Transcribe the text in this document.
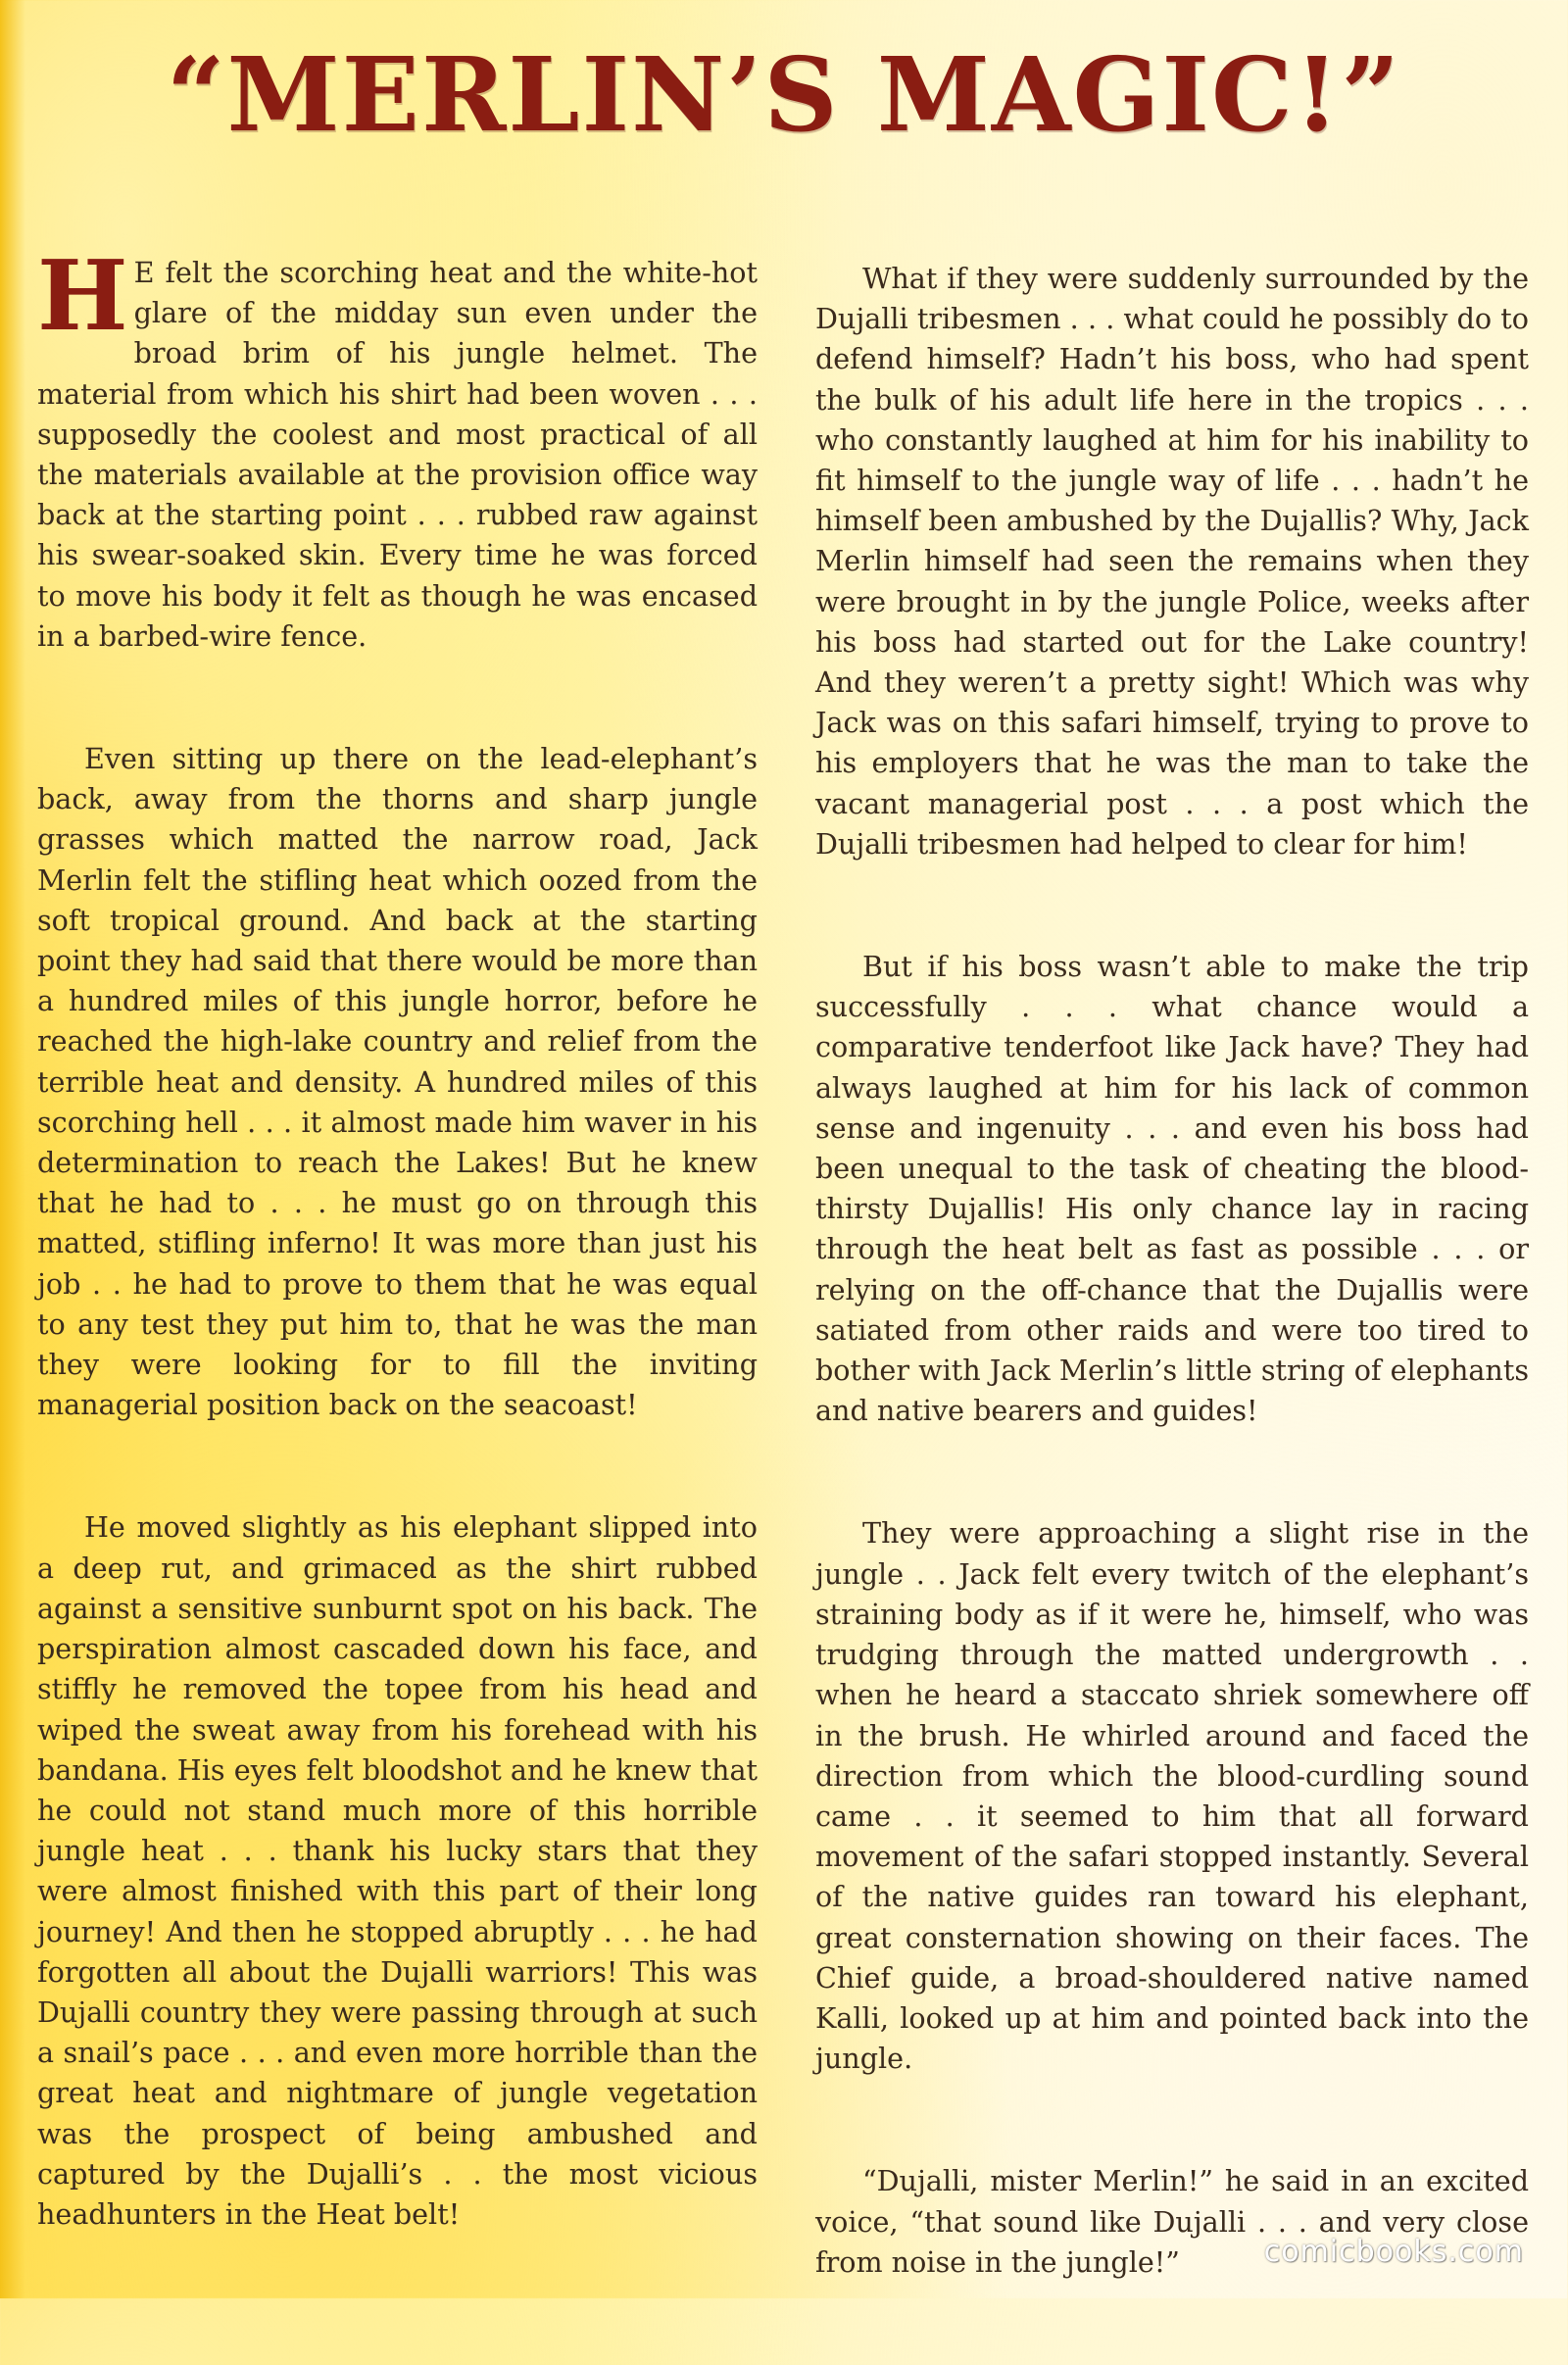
“MERLIN’S MAGIC!”

H E felt the scorching heat and the white-hot glare of the midday sun even under the broad brim of his jungle helmet. The material from which his shirt had been woven . . . supposedly the coolest and most practical of all the materials available at the provision office way back at the starting point . . . rubbed raw against his swear-soaked skin. Every time he was forced to move his body it felt as though he was encased in a barbed-wire fence.

Even sitting up there on the lead-elephant’s back, away from the thorns and sharp jungle grasses which matted the narrow road, Jack Merlin felt the stifling heat which oozed from the soft tropical ground. And back at the starting point they had said that there would be more than a hundred miles of this jungle horror, before he reached the high-lake country and relief from the terrible heat and density. A hundred miles of this scorching hell . . . it almost made him waver in his determination to reach the Lakes! But he knew that he had to . . . he must go on through this matted, stifling inferno! It was more than just his job . . he had to prove to them that he was equal to any test they put him to, that he was the man they were looking for to fill the inviting managerial position back on the seacoast!

He moved slightly as his elephant slipped into a deep rut, and grimaced as the shirt rubbed against a sensitive sunburnt spot on his back. The perspiration almost cascaded down his face, and stiffly he removed the topee from his head and wiped the sweat away from his forehead with his bandana. His eyes felt bloodshot and he knew that he could not stand much more of this horrible jungle heat . . . thank his lucky stars that they were almost finished with this part of their long journey! And then he stopped abruptly . . . he had forgotten all about the Dujalli warriors! This was Dujalli country they were passing through at such a snail’s pace . . . and even more horrible than the great heat and nightmare of jungle vegetation was the prospect of being ambushed and captured by the Dujalli’s . . the most vicious headhunters in the Heat belt!

What if they were suddenly surrounded by the Dujalli tribesmen . . . what could he possibly do to defend himself? Hadn’t his boss, who had spent the bulk of his adult life here in the tropics . . . who constantly laughed at him for his inability to fit himself to the jungle way of life . . . hadn’t he himself been ambushed by the Dujallis? Why, Jack Merlin himself had seen the remains when they were brought in by the jungle Police, weeks after his boss had started out for the Lake country! And they weren’t a pretty sight! Which was why Jack was on this safari himself, trying to prove to his employers that he was the man to take the vacant managerial post . . . a post which the Dujalli tribesmen had helped to clear for him!

But if his boss wasn’t able to make the trip successfully . . . what chance would a comparative tenderfoot like Jack have? They had always laughed at him for his lack of common sense and ingenuity . . . and even his boss had been unequal to the task of cheating the blood-thirsty Dujallis! His only chance lay in racing through the heat belt as fast as possible . . . or relying on the off-chance that the Dujallis were satiated from other raids and were too tired to bother with Jack Merlin’s little string of elephants and native bearers and guides!

They were approaching a slight rise in the jungle . . Jack felt every twitch of the elephant’s straining body as if it were he, himself, who was trudging through the matted undergrowth . . when he heard a staccato shriek somewhere off in the brush. He whirled around and faced the direction from which the blood-curdling sound came . . it seemed to him that all forward movement of the safari stopped instantly. Several of the native guides ran toward his elephant, great consternation showing on their faces. The Chief guide, a broad-shouldered native named Kalli, looked up at him and pointed back into the jungle.

“Dujalli, mister Merlin!” he said in an excited voice, “that sound like Dujalli . . . and very close from noise in the jungle!”	comicbooks.com
